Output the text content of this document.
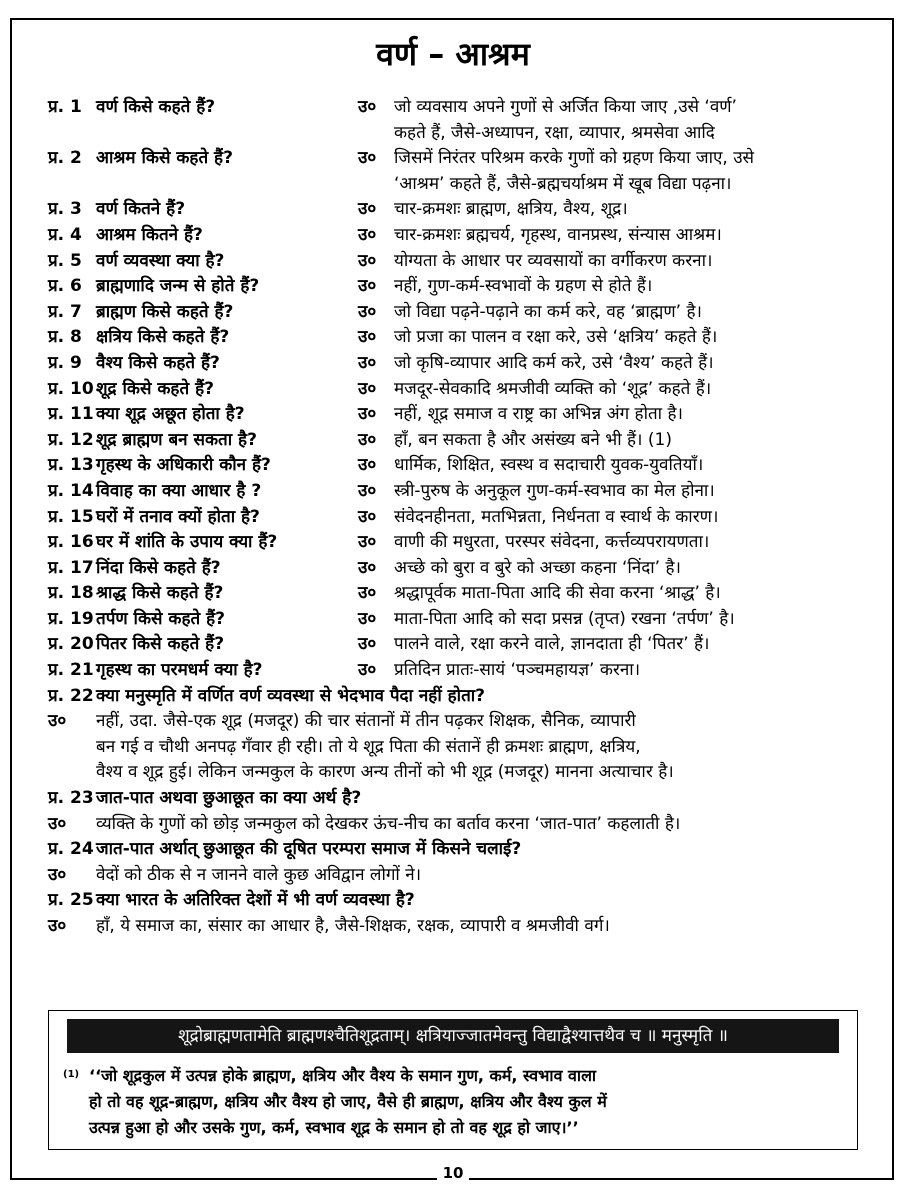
वर्ण – आश्रम
प्र. 1 वर्ण किसे कहते हैं?	उ०	जो व्यवसाय अपने गुणों से अर्जित किया जाए ,उसे ‘वर्ण’
कहते हैं, जैसे-अध्यापन, रक्षा, व्यापार, श्रमसेवा आदि
प्र. 2 आश्रम किसे कहते हैं?	उ०	जिसमें निरंतर परिश्रम करके गुणों को ग्रहण किया जाए, उसे
‘आश्रम’ कहते हैं, जैसे-ब्रह्मचर्याश्रम में खूब विद्या पढ़ना।
प्र. 3 वर्ण कितने हैं?	उ०	चार-क्रमशः ब्राह्मण, क्षत्रिय, वैश्य, शूद्र।
प्र. 4 आश्रम कितने हैं?	उ०	चार-क्रमशः ब्रह्मचर्य, गृहस्थ, वानप्रस्थ, संन्यास आश्रम।
प्र. 5 वर्ण व्यवस्था क्या है?	उ०	योग्यता के आधार पर व्यवसायों का वर्गीकरण करना।
प्र. 6 ब्राह्मणादि जन्म से होते हैं?	उ०	नहीं, गुण-कर्म-स्वभावों के ग्रहण से होते हैं।
प्र. 7 ब्राह्मण किसे कहते हैं?	उ०	जो विद्या पढ़ने-पढ़ाने का कर्म करे, वह ‘ब्राह्मण’ है।
प्र. 8 क्षत्रिय किसे कहते हैं?	उ०	जो प्रजा का पालन व रक्षा करे, उसे ‘क्षत्रिय’ कहते हैं।
प्र. 9 वैश्य किसे कहते हैं?	उ०	जो कृषि-व्यापार आदि कर्म करे, उसे ‘वैश्य’ कहते हैं।
प्र. 10 शूद्र किसे कहते हैं?	उ०	मजदूर-सेवकादि श्रमजीवी व्यक्ति को ‘शूद्र’ कहते हैं।
प्र. 11 क्या शूद्र अछूत होता है?	उ०	नहीं, शूद्र समाज व राष्ट्र का अभिन्न अंग होता है।
प्र. 12 शूद्र ब्राह्मण बन सकता है?	उ०	हाँ, बन सकता है और असंख्य बने भी हैं। (1)
प्र. 13 गृहस्थ के अधिकारी कौन हैं?	उ०	धार्मिक, शिक्षित, स्वस्थ व सदाचारी युवक-युवतियाँ।
प्र. 14 विवाह का क्या आधार है ?	उ०	स्त्री-पुरुष के अनुकूल गुण-कर्म-स्वभाव का मेल होना।
प्र. 15 घरों में तनाव क्यों होता है?	उ०	संवेदनहीनता, मतभिन्नता, निर्धनता व स्वार्थ के कारण।
प्र. 16 घर में शांति के उपाय क्या हैं?	उ०	वाणी की मधुरता, परस्पर संवेदना, कर्त्तव्यपरायणता।
प्र. 17 निंदा किसे कहते हैं?	उ०	अच्छे को बुरा व बुरे को अच्छा कहना ‘निंदा’ है।
प्र. 18 श्राद्ध किसे कहते हैं?	उ०	श्रद्धापूर्वक माता-पिता आदि की सेवा करना ‘श्राद्ध’ है।
प्र. 19 तर्पण किसे कहते हैं?	उ०	माता-पिता आदि को सदा प्रसन्न (तृप्त) रखना ‘तर्पण’ है।
प्र. 20 पितर किसे कहते हैं?	उ०	पालने वाले, रक्षा करने वाले, ज्ञानदाता ही ‘पितर’ हैं।
प्र. 21 गृहस्थ का परमधर्म क्या है?	उ०	प्रतिदिन प्रातः-सायं ‘पञ्चमहायज्ञ’ करना।
प्र. 22 क्या मनुस्मृति में वर्णित वर्ण व्यवस्था से भेदभाव पैदा नहीं होता?
उ०	नहीं, उदा. जैसे-एक शूद्र (मजदूर) की चार संतानों में तीन पढ़कर शिक्षक, सैनिक, व्यापारी
बन गई व चौथी अनपढ़ गँवार ही रही। तो ये शूद्र पिता की संतानें ही क्रमशः ब्राह्मण, क्षत्रिय,
वैश्य व शूद्र हुई। लेकिन जन्मकुल के कारण अन्य तीनों को भी शूद्र (मजदूर) मानना अत्याचार है।
प्र. 23 जात-पात अथवा छुआछूत का क्या अर्थ है?
उ०	व्यक्ति के गुणों को छोड़ जन्मकुल को देखकर ऊंच-नीच का बर्ताव करना ‘जात-पात’ कहलाती है।
प्र. 24 जात-पात अर्थात् छुआछूत की दूषित परम्परा समाज में किसने चलाई?
उ०	वेदों को ठीक से न जानने वाले कुछ अविद्वान लोगों ने।
प्र. 25 क्या भारत के अतिरिक्त देशों में भी वर्ण व्यवस्था है?
उ०	हाँ, ये समाज का, संसार का आधार है, जैसे-शिक्षक, रक्षक, व्यापारी व श्रमजीवी वर्ग।
शूद्रोब्राह्मणतामेति ब्राह्मणश्चैतिशूद्रताम्। क्षत्रियाज्जातमेवन्तु विद्याद्वैश्यात्तथैव च ॥ मनुस्मृति ॥
(1) ‘‘जो शूद्रकुल में उत्पन्न होके ब्राह्मण, क्षत्रिय और वैश्य के समान गुण, कर्म, स्वभाव वाला
हो तो वह शूद्र-ब्राह्मण, क्षत्रिय और वैश्य हो जाए, वैसे ही ब्राह्मण, क्षत्रिय और वैश्य कुल में
उत्पन्न हुआ हो और उसके गुण, कर्म, स्वभाव शूद्र के समान हो तो वह शूद्र हो जाए।’’
10
